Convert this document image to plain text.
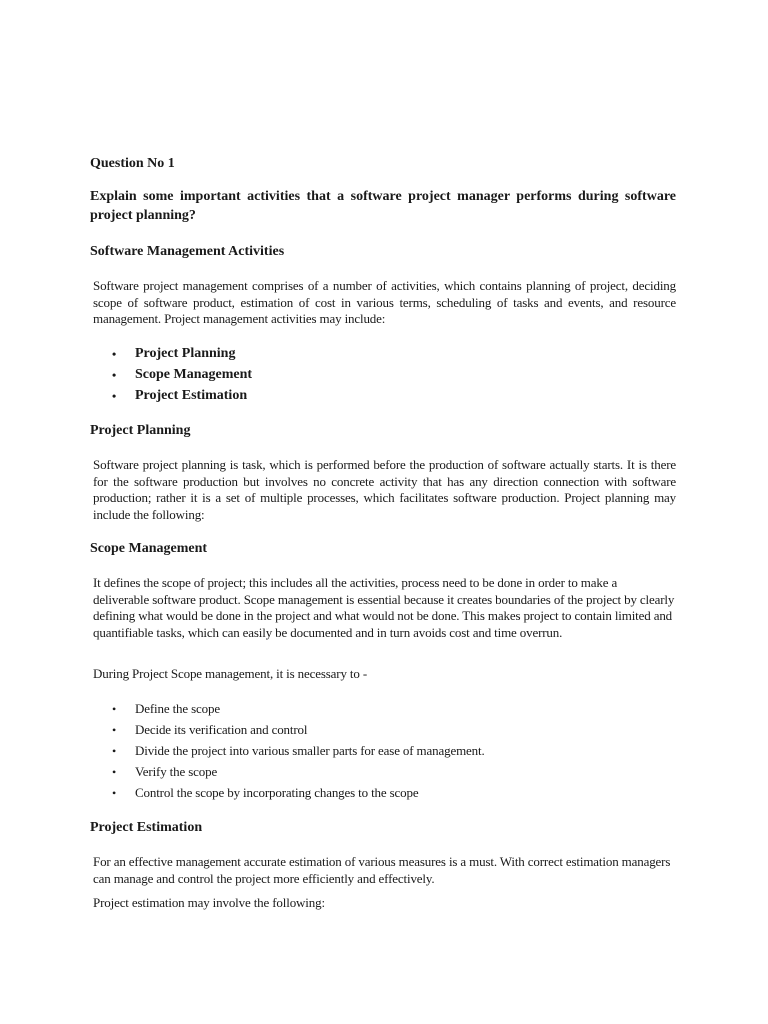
Question No 1
Explain some important activities that a software project manager performs during software project planning?
Software Management Activities
Software project management comprises of a number of activities, which contains planning of project, deciding scope of software product, estimation of cost in various terms, scheduling of tasks and events, and resource management. Project management activities may include:
• Project Planning
• Scope Management
• Project Estimation
Project Planning
Software project planning is task, which is performed before the production of software actually starts. It is there for the software production but involves no concrete activity that has any direction connection with software production; rather it is a set of multiple processes, which facilitates software production. Project planning may include the following:
Scope Management
It defines the scope of project; this includes all the activities, process need to be done in order to make a deliverable software product. Scope management is essential because it creates boundaries of the project by clearly defining what would be done in the project and what would not be done. This makes project to contain limited and quantifiable tasks, which can easily be documented and in turn avoids cost and time overrun.
During Project Scope management, it is necessary to -
• Define the scope
• Decide its verification and control
• Divide the project into various smaller parts for ease of management.
• Verify the scope
• Control the scope by incorporating changes to the scope
Project Estimation
For an effective management accurate estimation of various measures is a must. With correct estimation managers can manage and control the project more efficiently and effectively.
Project estimation may involve the following:
